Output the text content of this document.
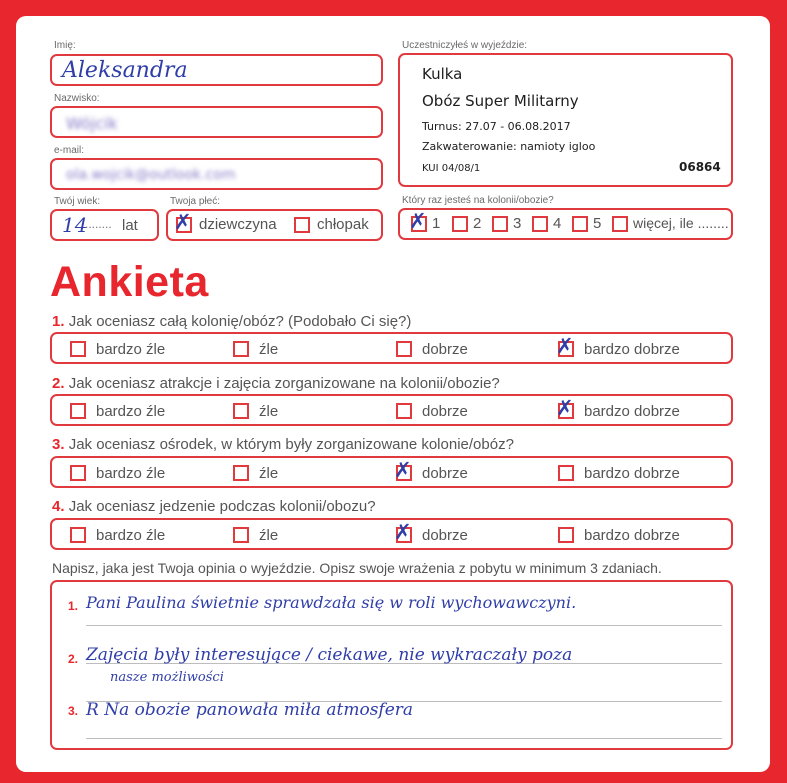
Imię:
Aleksandra
Nazwisko:
Wójcik
e-mail:
ola.wojcik@outlook.com
Twój wiek:
14
........ lat
Twoja płeć:
✗ dziewczyna	chłopak
Uczestniczyłeś w wyjeździe:
Kulka
Obóz Super Militarny
Turnus: 27.07 - 06.08.2017
Zakwaterowanie: namioty igloo
KUI 04/08/1	06864
Który raz jesteś na kolonii/obozie?
✗ 1 2 3 4 5 więcej, ile ........
Ankieta
1. Jak oceniasz całą kolonię/obóz? (Podobało Ci się?)
bardzo źle	źle	dobrze	✗ bardzo dobrze
2. Jak oceniasz atrakcje i zajęcia zorganizowane na kolonii/obozie?
bardzo źle	źle	dobrze	✗ bardzo dobrze
3. Jak oceniasz ośrodek, w którym były zorganizowane kolonie/obóz?
bardzo źle	źle	✗ dobrze	bardzo dobrze
4. Jak oceniasz jedzenie podczas kolonii/obozu?
bardzo źle	źle	✗ dobrze	bardzo dobrze
Napisz, jaka jest Twoja opinia o wyjeździe. Opisz swoje wrażenia z pobytu w minimum 3 zdaniach.
1.
2.
3.
Pani Paulina świetnie sprawdzała się w roli wychowawczyni.
Zajęcia były interesujące / ciekawe, nie wykraczały poza
nasze możliwości
R Na obozie panowała miła atmosfera
